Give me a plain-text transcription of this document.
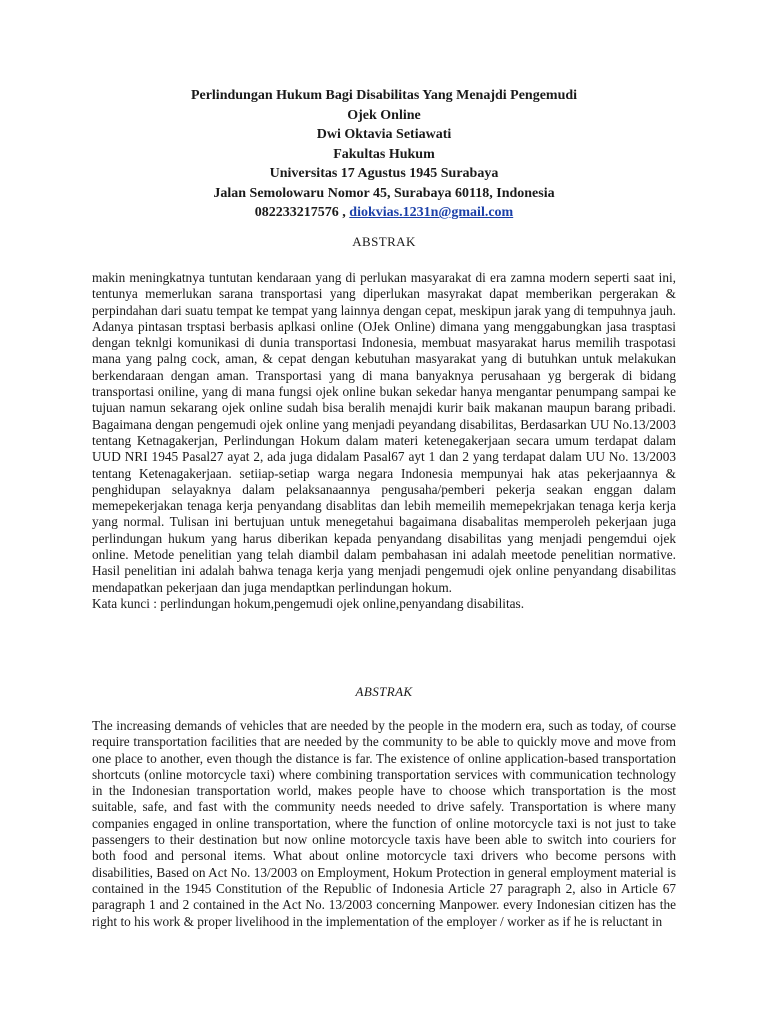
Perlindungan Hukum Bagi Disabilitas Yang Menajdi Pengemudi
Ojek Online
Dwi Oktavia Setiawati
Fakultas Hukum
Universitas 17 Agustus 1945 Surabaya
Jalan Semolowaru Nomor 45, Surabaya 60118, Indonesia
082233217576 , diokvias.1231n@gmail.com
ABSTRAK

makin meningkatnya tuntutan kendaraan yang di perlukan masyarakat di era zamna modern seperti saat ini, tentunya memerlukan sarana transportasi yang diperlukan masyrakat dapat memberikan pergerakan & perpindahan dari suatu tempat ke tempat yang lainnya dengan cepat, meskipun jarak yang di tempuhnya jauh. Adanya pintasan trsptasi berbasis aplkasi online (OJek Online) dimana yang menggabungkan jasa trasptasi dengan teknlgi komunikasi di dunia transportasi Indonesia, membuat masyarakat harus memilih traspotasi mana yang palng cock, aman, & cepat dengan kebutuhan masyarakat yang di butuhkan untuk melakukan berkendaraan dengan aman. Transportasi yang di mana banyaknya perusahaan yg bergerak di bidang transportasi oniline, yang di mana fungsi ojek online bukan sekedar hanya mengantar penumpang sampai ke tujuan namun sekarang ojek online sudah bisa beralih menajdi kurir baik makanan maupun barang pribadi. Bagaimana dengan pengemudi ojek online yang menjadi peyandang disabilitas, Berdasarkan UU No.13/2003 tentang Ketnagakerjan, Perlindungan Hokum dalam materi ketenegakerjaan secara umum terdapat dalam UUD NRI 1945 Pasal27 ayat 2, ada juga didalam Pasal67 ayt 1 dan 2 yang terdapat dalam UU No. 13/2003 tentang Ketenagakerjaan. setiiap-setiap warga negara Indonesia mempunyai hak atas pekerjaannya & penghidupan selayaknya dalam pelaksanaannya pengusaha/pemberi pekerja seakan enggan dalam memepekerjakan tenaga kerja penyandang disablitas dan lebih memeilih memepekrjakan tenaga kerja kerja yang normal. Tulisan ini bertujuan untuk menegetahui bagaimana disabalitas memperoleh pekerjaan juga perlindungan hukum yang harus diberikan kepada penyandang disabilitas yang menjadi pengemdui ojek online. Metode penelitian yang telah diambil dalam pembahasan ini adalah meetode penelitian normative. Hasil penelitian ini adalah bahwa tenaga kerja yang menjadi pengemudi ojek online penyandang disabilitas mendapatkan pekerjaan dan juga mendaptkan perlindungan hokum.

Kata kunci : perlindungan hokum,pengemudi ojek online,penyandang disabilitas.

ABSTRAK

The increasing demands of vehicles that are needed by the people in the modern era, such as today, of course require transportation facilities that are needed by the community to be able to quickly move and move from one place to another, even though the distance is far. The existence of online application-based transportation shortcuts (online motorcycle taxi) where combining transportation services with communication technology in the Indonesian transportation world, makes people have to choose which transportation is the most suitable, safe, and fast with the community needs needed to drive safely. Transportation is where many companies engaged in online transportation, where the function of online motorcycle taxi is not just to take passengers to their destination but now online motorcycle taxis have been able to switch into couriers for both food and personal items. What about online motorcycle taxi drivers who become persons with disabilities, Based on Act No. 13/2003 on Employment, Hokum Protection in general employment material is contained in the 1945 Constitution of the Republic of Indonesia Article 27 paragraph 2, also in Article 67 paragraph 1 and 2 contained in the Act No. 13/2003 concerning Manpower. every Indonesian citizen has the right to his work & proper livelihood in the implementation of the employer / worker as if he is reluctant in
